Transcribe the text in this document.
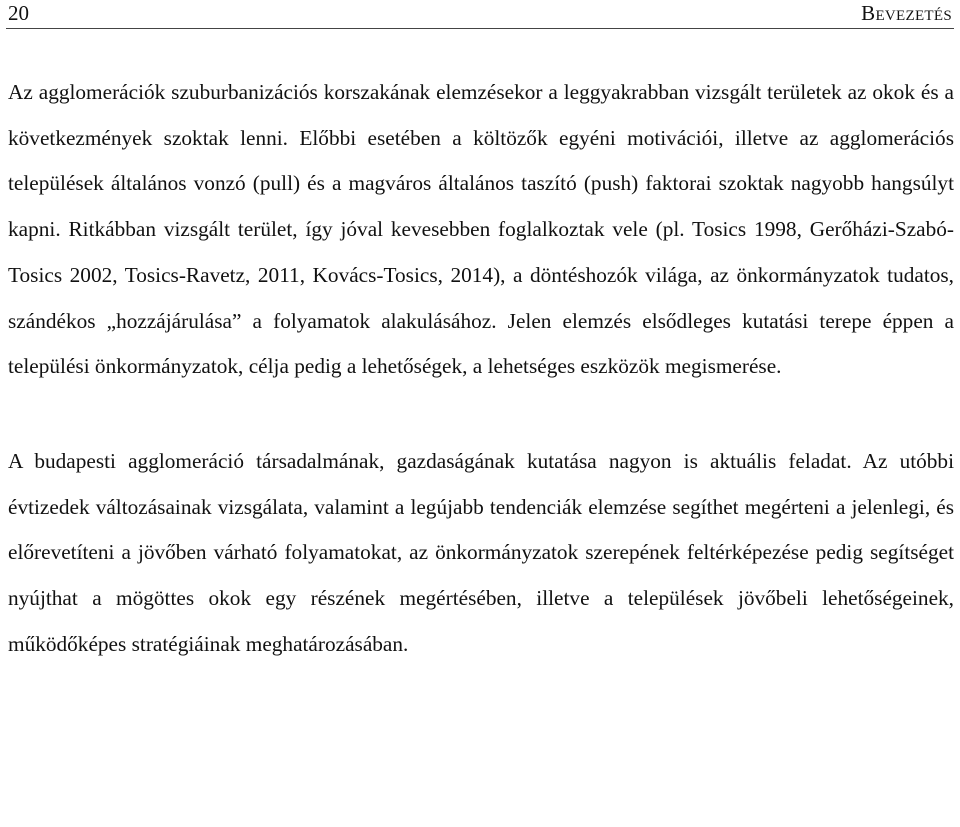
20	Bevezetés

Az agglomerációk szuburbanizációs korszakának elemzésekor a leggyakrabban vizsgált területek az okok és a következmények szoktak lenni. Előbbi esetében a költözők egyéni motivációi, illetve az agglomerációs települések általános vonzó (pull) és a magváros általános taszító (push) faktorai szoktak nagyobb hangsúlyt kapni. Ritkábban vizsgált terület, így jóval kevesebben foglalkoztak vele (pl. Tosics 1998, Gerőházi-Szabó-Tosics 2002, Tosics-Ravetz, 2011, Kovács-Tosics, 2014), a döntéshozók világa, az önkormányzatok tudatos, szándékos „hozzájárulása” a folyamatok alakulásához. Jelen elemzés elsődleges kutatási terepe éppen a települési önkormányzatok, célja pedig a lehetőségek, a lehetséges eszközök megismerése.

A budapesti agglomeráció társadalmának, gazdaságának kutatása nagyon is aktuális feladat. Az utóbbi évtizedek változásainak vizsgálata, valamint a legújabb tendenciák elemzése segíthet megérteni a jelenlegi, és előrevetíteni a jövőben várható folyamatokat, az önkormányzatok szerepének feltérképezése pedig segítséget nyújthat a mögöttes okok egy részének megértésében, illetve a települések jövőbeli lehetőségeinek, működőképes stratégiáinak meghatározásában.
